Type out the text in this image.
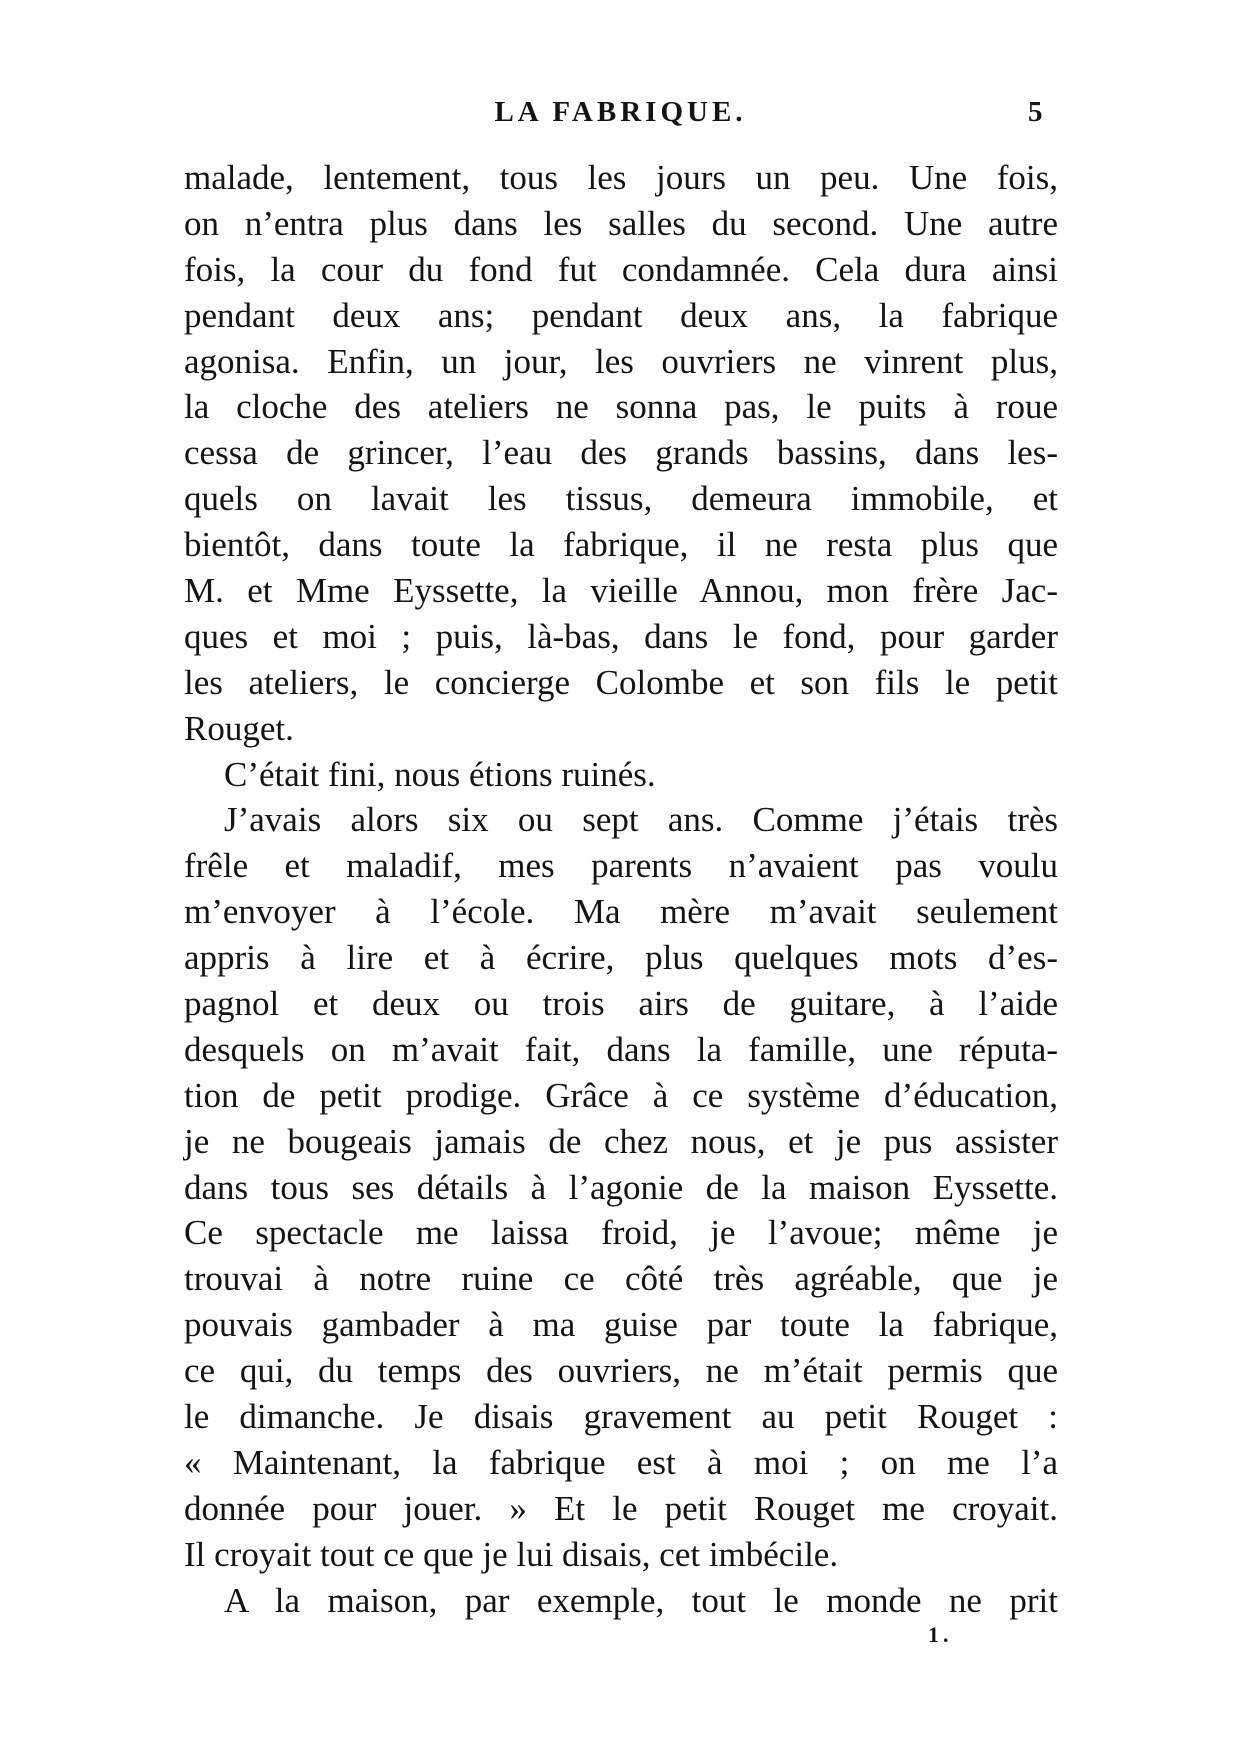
LA FABRIQUE.	5
malade, lentement, tous les jours un peu. Une fois,
on n’entra plus dans les salles du second. Une autre
fois, la cour du fond fut condamnée. Cela dura ainsi
pendant deux ans; pendant deux ans, la fabrique
agonisa. Enfin, un jour, les ouvriers ne vinrent plus,
la cloche des ateliers ne sonna pas, le puits à roue
cessa de grincer, l’eau des grands bassins, dans les-
quels on lavait les tissus, demeura immobile, et
bientôt, dans toute la fabrique, il ne resta plus que
M. et Mme Eyssette, la vieille Annou, mon frère Jac-
ques et moi ; puis, là-bas, dans le fond, pour garder
les ateliers, le concierge Colombe et son fils le petit
Rouget.
C’était fini, nous étions ruinés.
J’avais alors six ou sept ans. Comme j’étais très
frêle et maladif, mes parents n’avaient pas voulu
m’envoyer à l’école. Ma mère m’avait seulement
appris à lire et à écrire, plus quelques mots d’es-
pagnol et deux ou trois airs de guitare, à l’aide
desquels on m’avait fait, dans la famille, une réputa-
tion de petit prodige. Grâce à ce système d’éducation,
je ne bougeais jamais de chez nous, et je pus assister
dans tous ses détails à l’agonie de la maison Eyssette.
Ce spectacle me laissa froid, je l’avoue; même je
trouvai à notre ruine ce côté très agréable, que je
pouvais gambader à ma guise par toute la fabrique,
ce qui, du temps des ouvriers, ne m’était permis que
le dimanche. Je disais gravement au petit Rouget :
« Maintenant, la fabrique est à moi ; on me l’a
donnée pour jouer. » Et le petit Rouget me croyait.
Il croyait tout ce que je lui disais, cet imbécile.
A la maison, par exemple, tout le monde ne prit
1.
